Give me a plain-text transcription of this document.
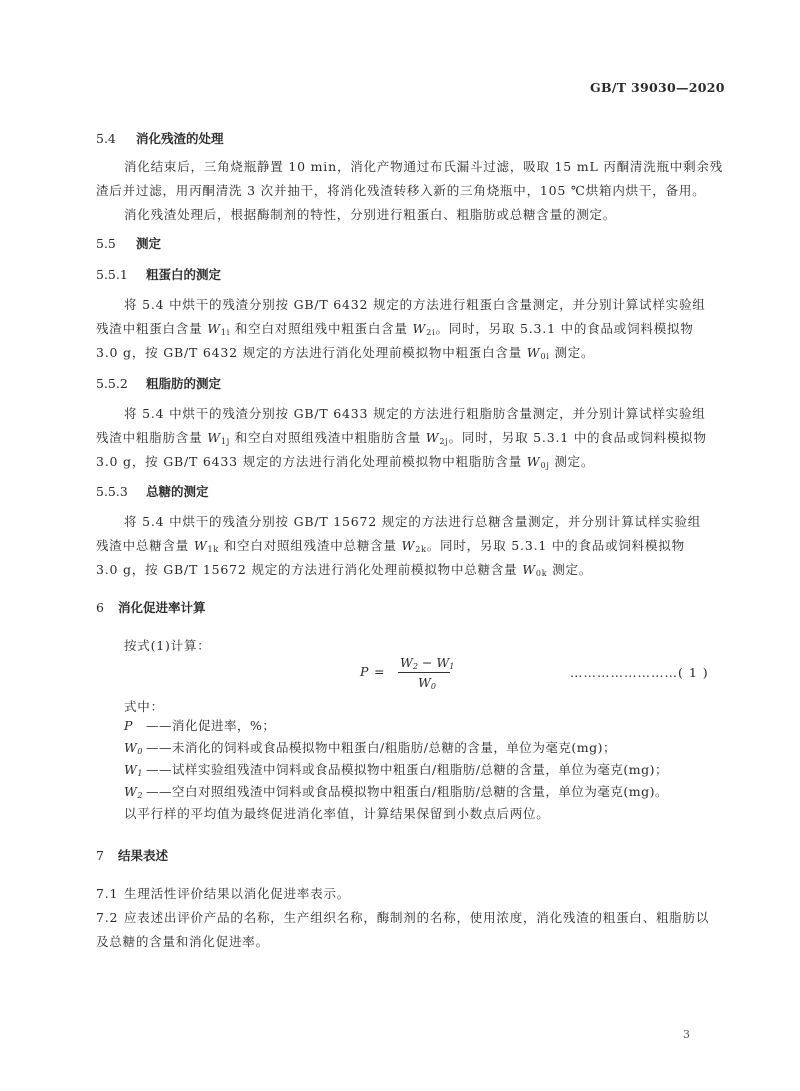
GB/T 39030—2020
5.4 消化残渣的处理
消化结束后，三角烧瓶静置 10 min，消化产物通过布氏漏斗过滤，吸取 15 mL 丙酮清洗瓶中剩余残
渣后并过滤，用丙酮清洗 3 次并抽干，将消化残渣转移入新的三角烧瓶中，105 ℃烘箱内烘干，备用。
消化残渣处理后，根据酶制剂的特性，分别进行粗蛋白、粗脂肪或总糖含量的测定。
5.5 测定
5.5.1 粗蛋白的测定
将 5.4 中烘干的残渣分别按 GB/T 6432 规定的方法进行粗蛋白含量测定，并分别计算试样实验组
残渣中粗蛋白含量 $W_{1i}$ 和空白对照组残中粗蛋白含量 $W_{2i}$。同时，另取 5.3.1 中的食品或饲料模拟物
3.0 g，按 GB/T 6432 规定的方法进行消化处理前模拟物中粗蛋白含量 $W_{0i}$ 测定。
5.5.2 粗脂肪的测定
将 5.4 中烘干的残渣分别按 GB/T 6433 规定的方法进行粗脂肪含量测定，并分别计算试样实验组
残渣中粗脂肪含量 $W_{1j}$ 和空白对照组残渣中粗脂肪含量 $W_{2j}$。同时，另取 5.3.1 中的食品或饲料模拟物
3.0 g，按 GB/T 6433 规定的方法进行消化处理前模拟物中粗脂肪含量 $W_{0j}$ 测定。
5.5.3 总糖的测定
将 5.4 中烘干的残渣分别按 GB/T 15672 规定的方法进行总糖含量测定，并分别计算试样实验组
残渣中总糖含量 $W_{1k}$ 和空白对照组残渣中总糖含量 $W_{2k}$。同时，另取 5.3.1 中的食品或饲料模拟物
3.0 g，按 GB/T 15672 规定的方法进行消化处理前模拟物中总糖含量 $W_{0k}$ 测定。
6 消化促进率计算
按式(1)计算：
P =
$W_2 - W_1$
$W_0$
……………………( 1 )
式中：
P ——消化促进率，%；
$W_0$ ——未消化的饲料或食品模拟物中粗蛋白/粗脂肪/总糖的含量，单位为毫克(mg)；
$W_1$ ——试样实验组残渣中饲料或食品模拟物中粗蛋白/粗脂肪/总糖的含量，单位为毫克(mg)；
$W_2$ ——空白对照组残渣中饲料或食品模拟物中粗蛋白/粗脂肪/总糖的含量，单位为毫克(mg)。
以平行样的平均值为最终促进消化率值，计算结果保留到小数点后两位。
7 结果表述
7.1 生理活性评价结果以消化促进率表示。
7.2 应表述出评价产品的名称，生产组织名称，酶制剂的名称，使用浓度，消化残渣的粗蛋白、粗脂肪以
及总糖的含量和消化促进率。
3
